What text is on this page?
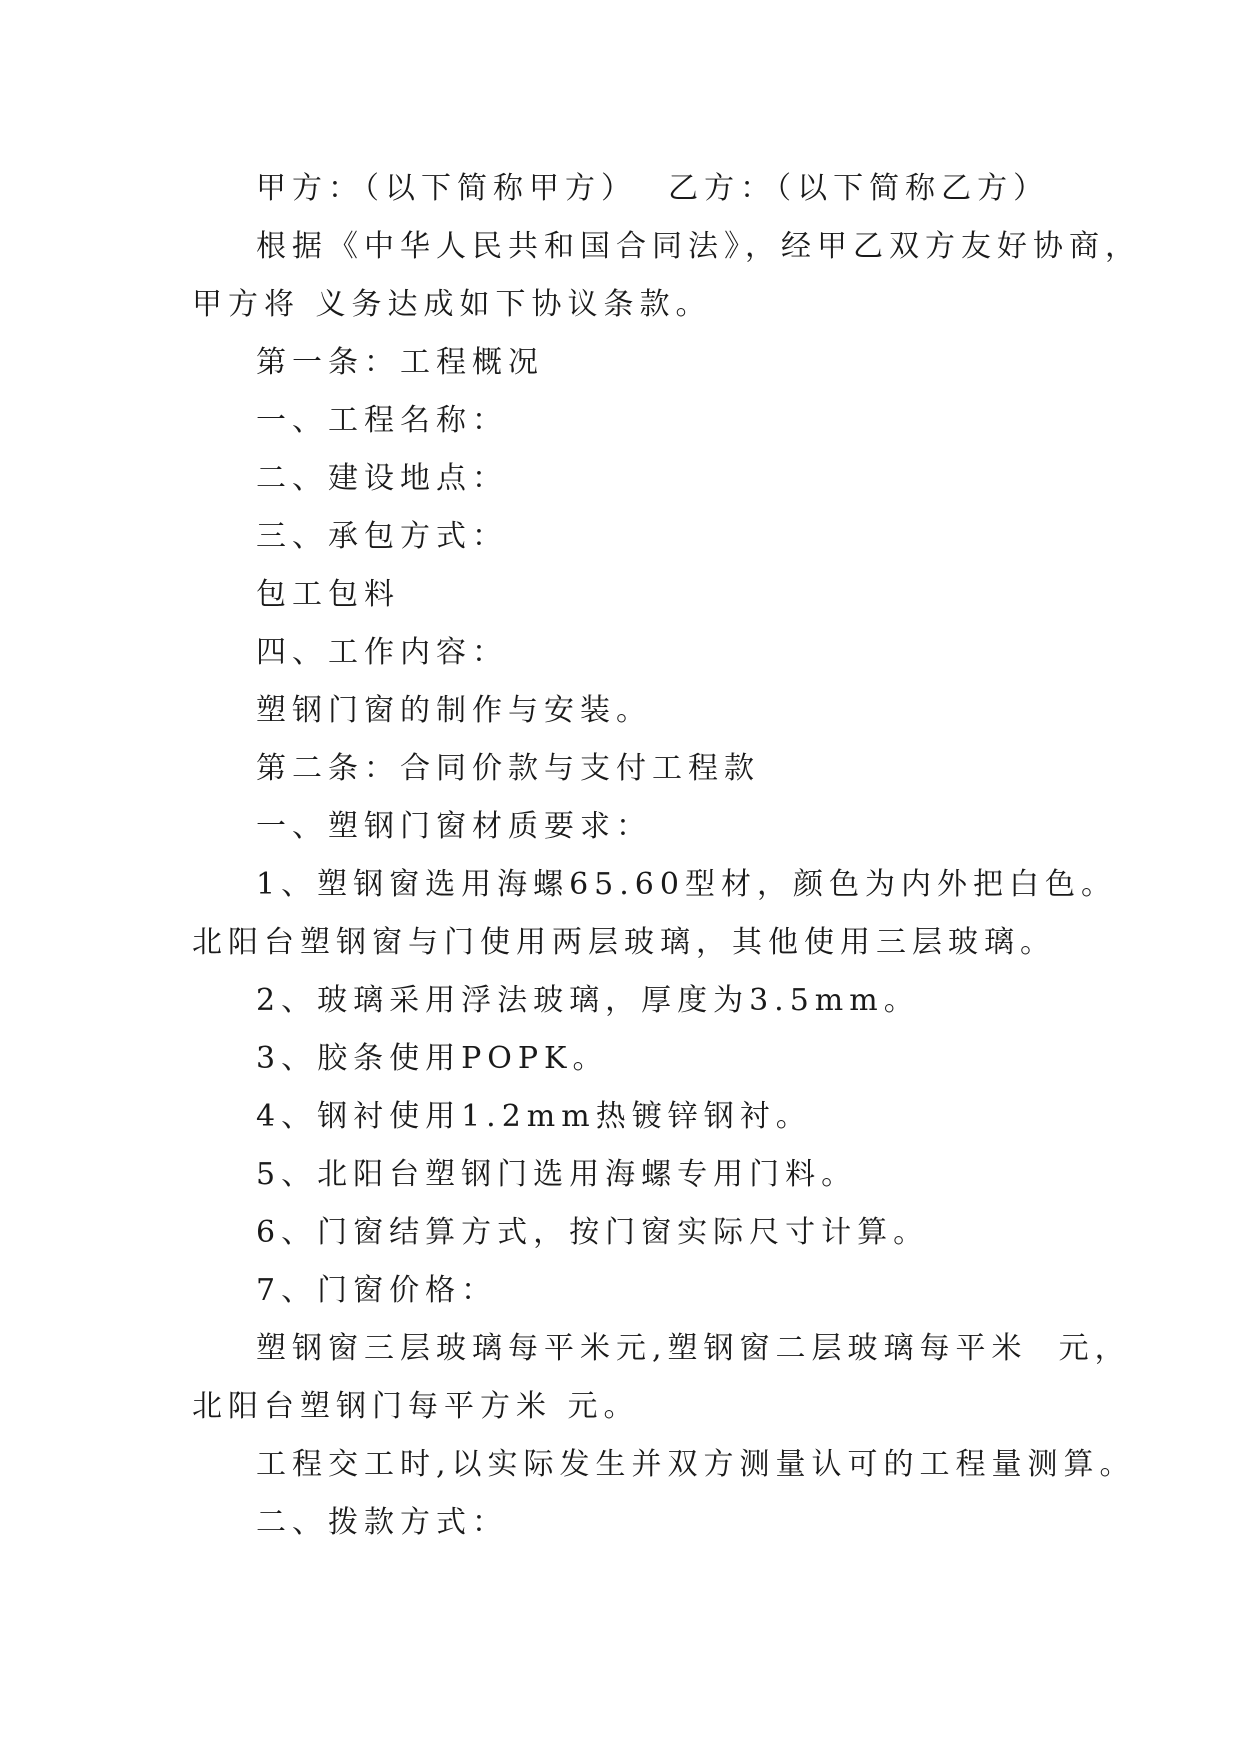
甲方：（以下简称甲方）  乙方：（以下简称乙方）
根据《中华人民共和国合同法》，经甲乙双方友好协商，
甲方将 义务达成如下协议条款。
第一条：工程概况
一、工程名称：
二、建设地点：
三、承包方式：
包工包料
四、工作内容：
塑钢门窗的制作与安装。
第二条：合同价款与支付工程款
一、塑钢门窗材质要求：
1、塑钢窗选用海螺65.60型材，颜色为内外把白色。
北阳台塑钢窗与门使用两层玻璃，其他使用三层玻璃。
2、玻璃采用浮法玻璃，厚度为3.5mm。
3、胶条使用POPK。
4、钢衬使用1.2mm热镀锌钢衬。
5、北阳台塑钢门选用海螺专用门料。
6、门窗结算方式，按门窗实际尺寸计算。
7、门窗价格：
塑钢窗三层玻璃每平米元,塑钢窗二层玻璃每平米  元，
北阳台塑钢门每平方米 元。
工程交工时,以实际发生并双方测量认可的工程量测算。
二、拨款方式：
